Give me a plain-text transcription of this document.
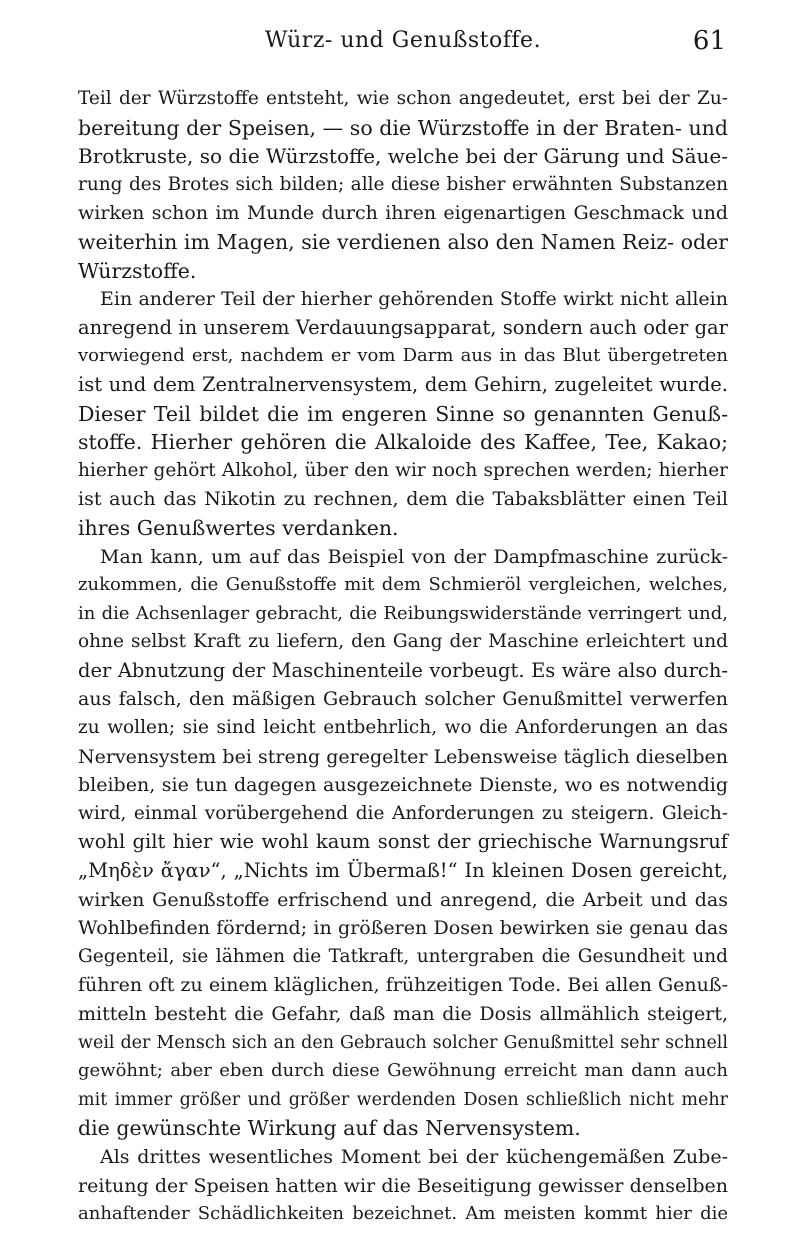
Würz- und Genußstoffe.	61
Teil der Würzstoffe entsteht, wie schon angedeutet, erst bei der Zu-
bereitung der Speisen, — so die Würzstoffe in der Braten- und
Brotkruste, so die Würzstoffe, welche bei der Gärung und Säue-
rung des Brotes sich bilden; alle diese bisher erwähnten Substanzen
wirken schon im Munde durch ihren eigenartigen Geschmack und
weiterhin im Magen, sie verdienen also den Namen Reiz- oder
Würzstoffe.
Ein anderer Teil der hierher gehörenden Stoffe wirkt nicht allein
anregend in unserem Verdauungsapparat, sondern auch oder gar
vorwiegend erst, nachdem er vom Darm aus in das Blut übergetreten
ist und dem Zentralnervensystem, dem Gehirn, zugeleitet wurde.
Dieser Teil bildet die im engeren Sinne so genannten Genuß-
stoffe. Hierher gehören die Alkaloide des Kaffee, Tee, Kakao;
hierher gehört Alkohol, über den wir noch sprechen werden; hierher
ist auch das Nikotin zu rechnen, dem die Tabaksblätter einen Teil
ihres Genußwertes verdanken.
Man kann, um auf das Beispiel von der Dampfmaschine zurück-
zukommen, die Genußstoffe mit dem Schmieröl vergleichen, welches,
in die Achsenlager gebracht, die Reibungswiderstände verringert und,
ohne selbst Kraft zu liefern, den Gang der Maschine erleichtert und
der Abnutzung der Maschinenteile vorbeugt. Es wäre also durch-
aus falsch, den mäßigen Gebrauch solcher Genußmittel verwerfen
zu wollen; sie sind leicht entbehrlich, wo die Anforderungen an das
Nervensystem bei streng geregelter Lebensweise täglich dieselben
bleiben, sie tun dagegen ausgezeichnete Dienste, wo es notwendig
wird, einmal vorübergehend die Anforderungen zu steigern. Gleich-
wohl gilt hier wie wohl kaum sonst der griechische Warnungsruf
„Μηδὲν ἄγαν“, „Nichts im Übermaß!“ In kleinen Dosen gereicht,
wirken Genußstoffe erfrischend und anregend, die Arbeit und das
Wohlbefinden fördernd; in größeren Dosen bewirken sie genau das
Gegenteil, sie lähmen die Tatkraft, untergraben die Gesundheit und
führen oft zu einem kläglichen, frühzeitigen Tode. Bei allen Genuß-
mitteln besteht die Gefahr, daß man die Dosis allmählich steigert,
weil der Mensch sich an den Gebrauch solcher Genußmittel sehr schnell
gewöhnt; aber eben durch diese Gewöhnung erreicht man dann auch
mit immer größer und größer werdenden Dosen schließlich nicht mehr
die gewünschte Wirkung auf das Nervensystem.
Als drittes wesentliches Moment bei der küchengemäßen Zube-
reitung der Speisen hatten wir die Beseitigung gewisser denselben
anhaftender Schädlichkeiten bezeichnet. Am meisten kommt hier die
